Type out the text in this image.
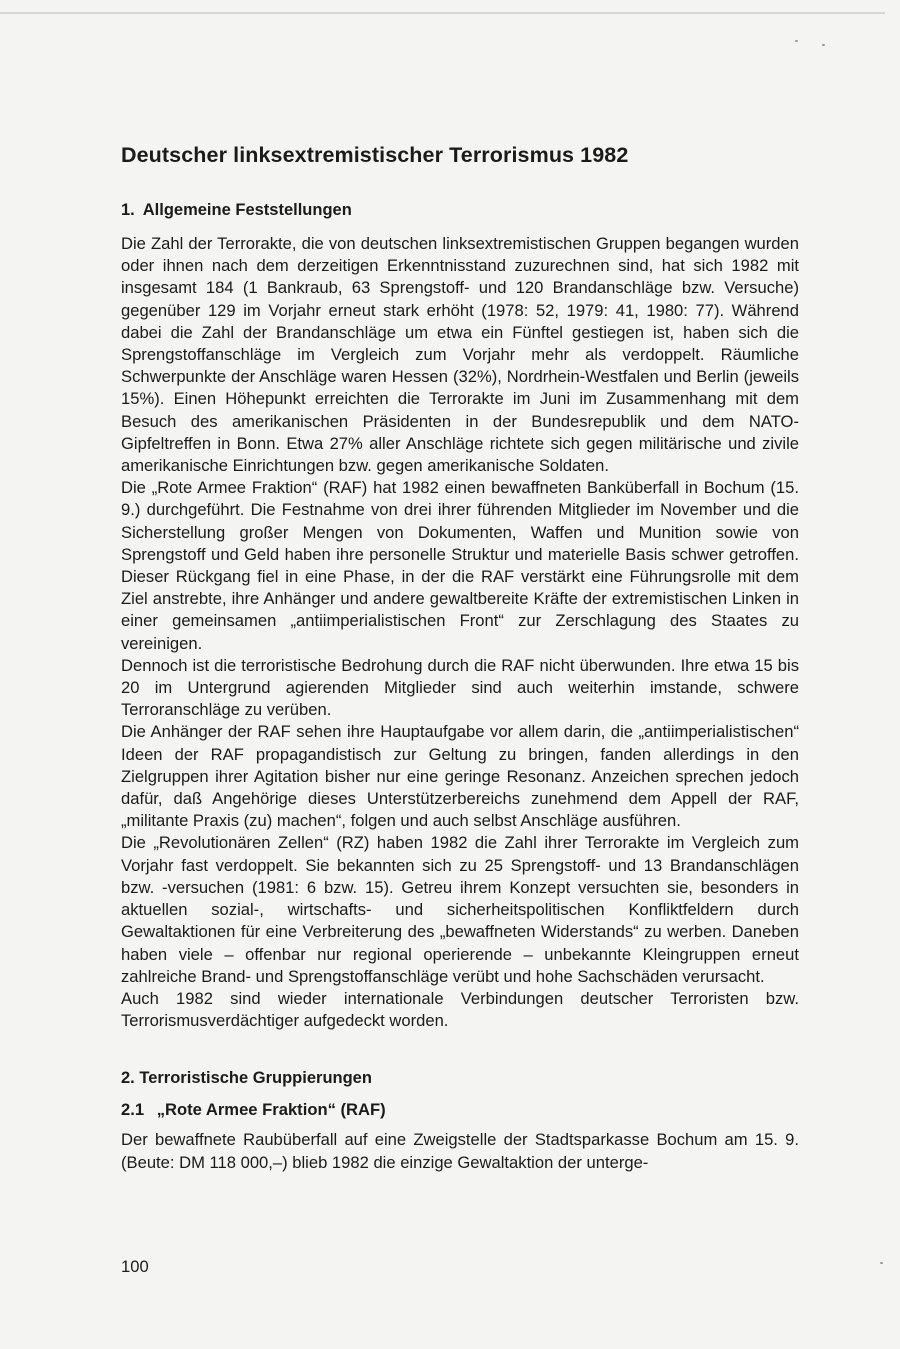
Deutscher linksextremistischer Terrorismus 1982
1. Allgemeine Feststellungen

Die Zahl der Terrorakte, die von deutschen linksextremistischen Gruppen begangen wurden oder ihnen nach dem derzeitigen Erkenntnisstand zuzurechnen sind, hat sich 1982 mit insgesamt 184 (1 Bankraub, 63 Sprengstoff- und 120 Brandanschläge bzw. Versuche) gegenüber 129 im Vorjahr erneut stark erhöht (1978: 52, 1979: 41, 1980: 77). Während dabei die Zahl der Brandanschläge um etwa ein Fünftel gestiegen ist, haben sich die Sprengstoffanschläge im Vergleich zum Vorjahr mehr als verdoppelt. Räumliche Schwerpunkte der Anschläge waren Hessen (32%), Nordrhein-Westfalen und Berlin (jeweils 15%). Einen Höhepunkt erreichten die Terrorakte im Juni im Zusammenhang mit dem Besuch des amerikanischen Präsidenten in der Bundesrepublik und dem NATO-Gipfeltreffen in Bonn. Etwa 27% aller Anschläge richtete sich gegen militärische und zivile amerikanische Einrichtungen bzw. gegen amerikanische Soldaten.

Die „Rote Armee Fraktion“ (RAF) hat 1982 einen bewaffneten Banküberfall in Bochum (15. 9.) durchgeführt. Die Festnahme von drei ihrer führenden Mitglieder im November und die Sicherstellung großer Mengen von Dokumenten, Waffen und Munition sowie von Sprengstoff und Geld haben ihre personelle Struktur und materielle Basis schwer getroffen. Dieser Rückgang fiel in eine Phase, in der die RAF verstärkt eine Führungsrolle mit dem Ziel anstrebte, ihre Anhänger und andere gewaltbereite Kräfte der extremistischen Linken in einer gemeinsamen „antiimperialistischen Front“ zur Zerschlagung des Staates zu vereinigen.

Dennoch ist die terroristische Bedrohung durch die RAF nicht überwunden. Ihre etwa 15 bis 20 im Untergrund agierenden Mitglieder sind auch weiterhin imstande, schwere Terroranschläge zu verüben.

Die Anhänger der RAF sehen ihre Hauptaufgabe vor allem darin, die „antiimperialistischen“ Ideen der RAF propagandistisch zur Geltung zu bringen, fanden allerdings in den Zielgruppen ihrer Agitation bisher nur eine geringe Resonanz. Anzeichen sprechen jedoch dafür, daß Angehörige dieses Unterstützerbereichs zunehmend dem Appell der RAF, „militante Praxis (zu) machen“, folgen und auch selbst Anschläge ausführen.

Die „Revolutionären Zellen“ (RZ) haben 1982 die Zahl ihrer Terrorakte im Vergleich zum Vorjahr fast verdoppelt. Sie bekannten sich zu 25 Sprengstoff- und 13 Brandanschlägen bzw. -versuchen (1981: 6 bzw. 15). Getreu ihrem Konzept versuchten sie, besonders in aktuellen sozial-, wirtschafts- und sicherheitspolitischen Konfliktfeldern durch Gewaltaktionen für eine Verbreiterung des „bewaffneten Widerstands“ zu werben. Daneben haben viele – offenbar nur regional operierende – unbekannte Kleingruppen erneut zahlreiche Brand- und Sprengstoffanschläge verübt und hohe Sachschäden verursacht.

Auch 1982 sind wieder internationale Verbindungen deutscher Terroristen bzw. Terrorismusverdächtiger aufgedeckt worden.

2. Terroristische Gruppierungen
2.1 „Rote Armee Fraktion“ (RAF)

Der bewaffnete Raubüberfall auf eine Zweigstelle der Stadtsparkasse Bochum am 15. 9. (Beute: DM 118 000,–) blieb 1982 die einzige Gewaltaktion der unterge-

100
